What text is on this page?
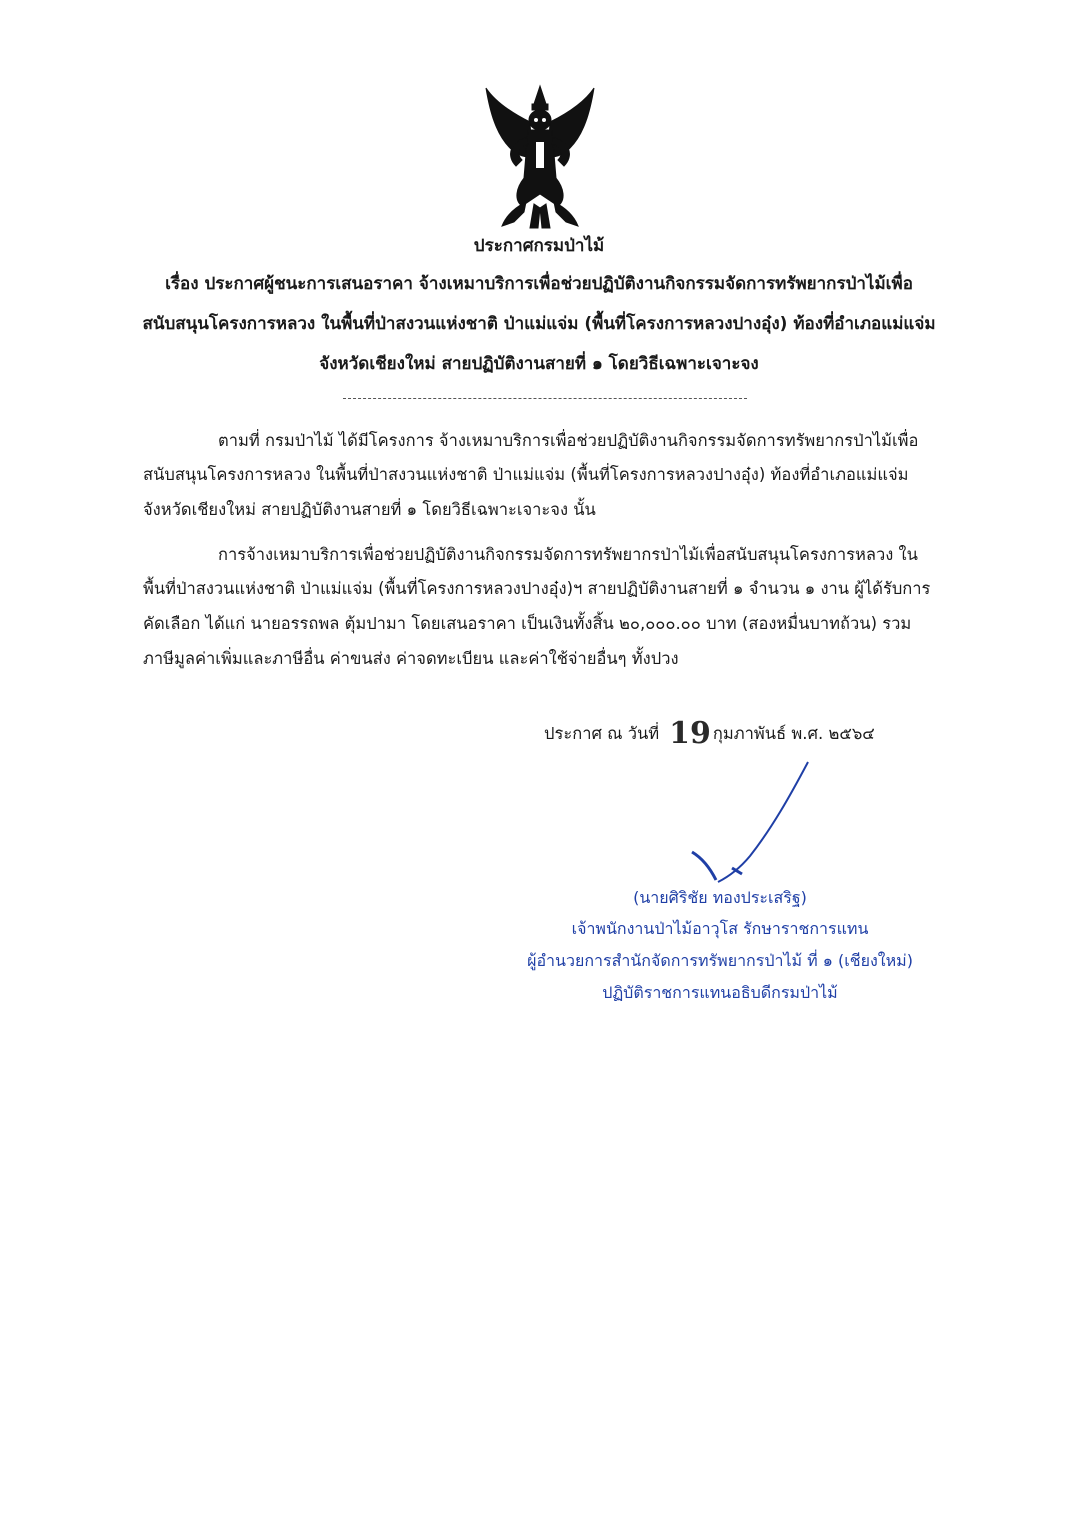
ประกาศกรมป่าไม้
เรื่อง ประกาศผู้ชนะการเสนอราคา จ้างเหมาบริการเพื่อช่วยปฏิบัติงานกิจกรรมจัดการทรัพยากรป่าไม้เพื่อ
สนับสนุนโครงการหลวง ในพื้นที่ป่าสงวนแห่งชาติ ป่าแม่แจ่ม (พื้นที่โครงการหลวงปางอุ๋ง) ท้องที่อำเภอแม่แจ่ม
จังหวัดเชียงใหม่ สายปฏิบัติงานสายที่ ๑ โดยวิธีเฉพาะเจาะจง
ตามที่ กรมป่าไม้ ได้มีโครงการ จ้างเหมาบริการเพื่อช่วยปฏิบัติงานกิจกรรมจัดการทรัพยากรป่าไม้เพื่อ
สนับสนุนโครงการหลวง ในพื้นที่ป่าสงวนแห่งชาติ ป่าแม่แจ่ม (พื้นที่โครงการหลวงปางอุ๋ง) ท้องที่อำเภอแม่แจ่ม
จังหวัดเชียงใหม่ สายปฏิบัติงานสายที่ ๑ โดยวิธีเฉพาะเจาะจง นั้น
การจ้างเหมาบริการเพื่อช่วยปฏิบัติงานกิจกรรมจัดการทรัพยากรป่าไม้เพื่อสนับสนุนโครงการหลวง ใน
พื้นที่ป่าสงวนแห่งชาติ ป่าแม่แจ่ม (พื้นที่โครงการหลวงปางอุ๋ง)ฯ สายปฏิบัติงานสายที่ ๑ จำนวน ๑ งาน ผู้ได้รับการ
คัดเลือก ได้แก่ นายอรรถพล ตุ้มปามา โดยเสนอราคา เป็นเงินทั้งสิ้น ๒๐,๐๐๐.๐๐ บาท (สองหมื่นบาทถ้วน) รวม
ภาษีมูลค่าเพิ่มและภาษีอื่น ค่าขนส่ง ค่าจดทะเบียน และค่าใช้จ่ายอื่นๆ ทั้งปวง
ประกาศ ณ วันที่ 19 กุมภาพันธ์ พ.ศ. ๒๕๖๔
(นายศิริชัย ทองประเสริฐ)
เจ้าพนักงานป่าไม้อาวุโส รักษาราชการแทน
ผู้อำนวยการสำนักจัดการทรัพยากรป่าไม้ ที่ ๑ (เชียงใหม่)
ปฏิบัติราชการแทนอธิบดีกรมป่าไม้
